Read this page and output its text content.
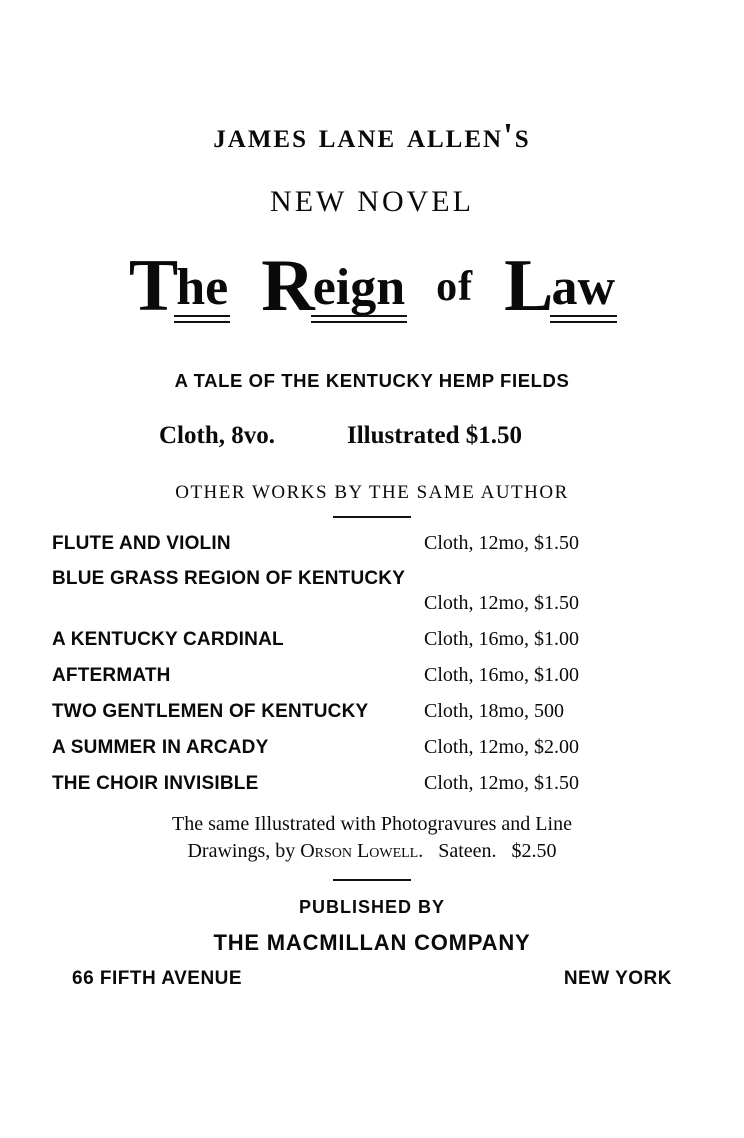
james lane allen's
NEW NOVEL
The Reign of Law
A TALE OF THE KENTUCKY HEMP FIELDS
Cloth, 8vo.	Illustrated $1.50
OTHER WORKS BY THE SAME AUTHOR
FLUTE AND VIOLIN	Cloth, 12mo, $1.50
BLUE GRASS REGION OF KENTUCKY
Cloth, 12mo, $1.50
A KENTUCKY CARDINAL	Cloth, 16mo, $1.00
AFTERMATH	Cloth, 16mo, $1.00
TWO GENTLEMEN OF KENTUCKY	Cloth, 18mo, 500
A SUMMER IN ARCADY	Cloth, 12mo, $2.00
THE CHOIR INVISIBLE	Cloth, 12mo, $1.50
The same Illustrated with Photogravures and Line
Drawings, by Orson Lowell.   Sateen.   $2.50
PUBLISHED BY
THE MACMILLAN COMPANY
66 FIFTH AVENUE	NEW YORK
